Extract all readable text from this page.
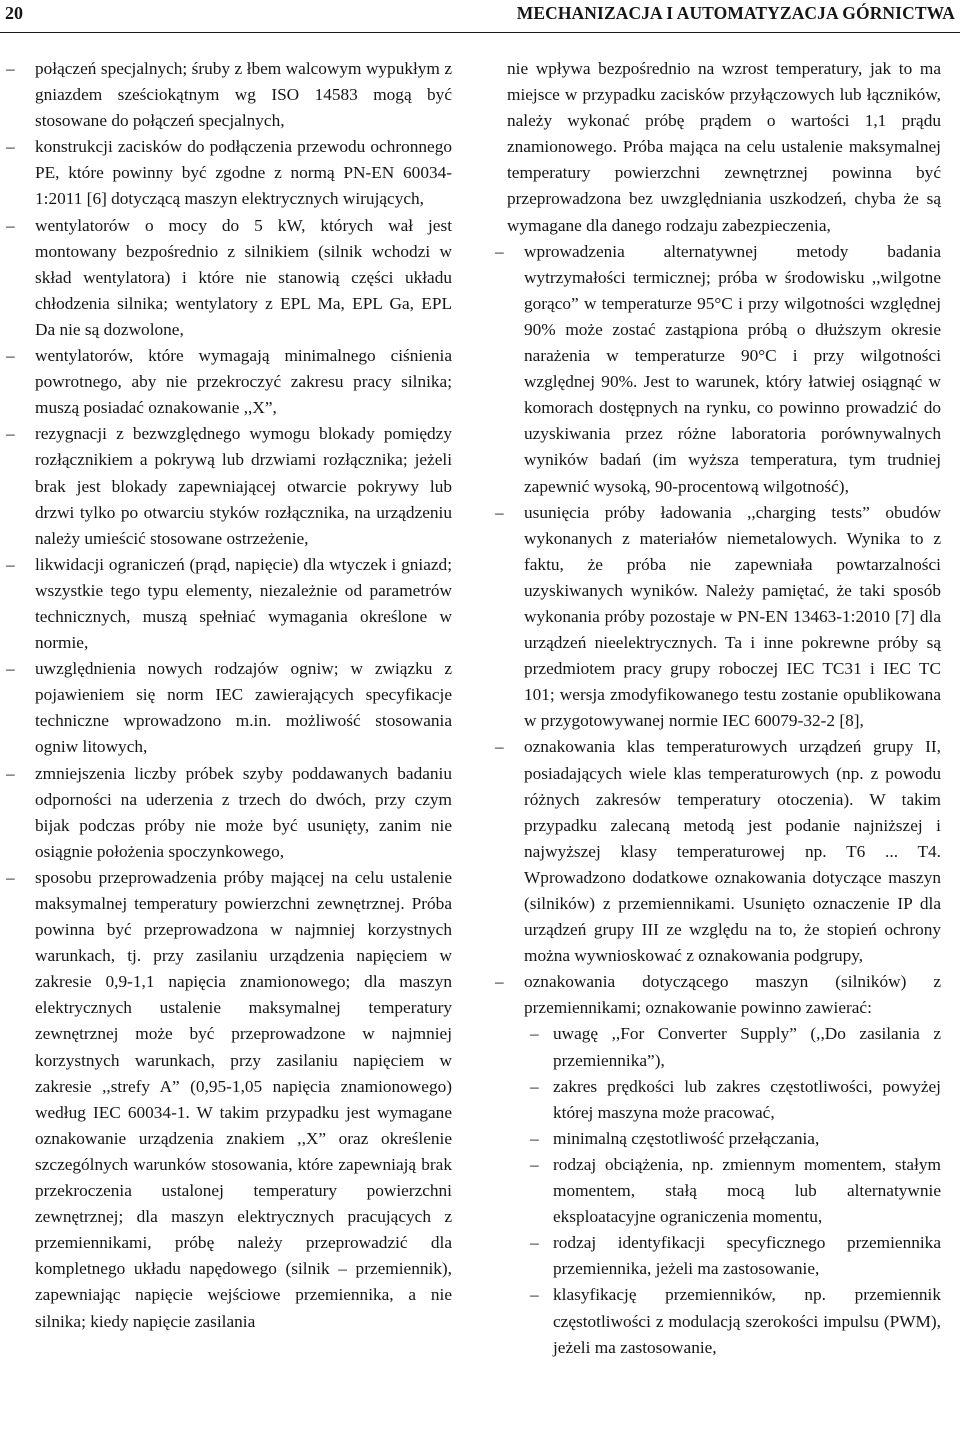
20	MECHANIZACJA I AUTOMATYZACJA GÓRNICTWA

–	połączeń specjalnych; śruby z łbem walcowym wypukłym z gniazdem sześciokątnym wg ISO 14583 mogą być stosowane do połączeń specjalnych,

–	konstrukcji zacisków do podłączenia przewodu ochronnego PE, które powinny być zgodne z normą PN-EN 60034-1:2011 [6] dotyczącą maszyn elektrycznych wirujących,

–	wentylatorów o mocy do 5 kW, których wał jest montowany bezpośrednio z silnikiem (silnik wchodzi w skład wentylatora) i które nie stanowią części układu chłodzenia silnika; wentylatory z EPL Ma, EPL Ga, EPL Da nie są dozwolone,

–	wentylatorów, które wymagają minimalnego ciśnienia powrotnego, aby nie przekroczyć zakresu pracy silnika; muszą posiadać oznakowanie ,,X”,

–	rezygnacji z bezwzględnego wymogu blokady pomiędzy rozłącznikiem a pokrywą lub drzwiami rozłącznika; jeżeli brak jest blokady zapewniającej otwarcie pokrywy lub drzwi tylko po otwarciu styków rozłącznika, na urządzeniu należy umieścić stosowane ostrzeżenie,

–	likwidacji ograniczeń (prąd, napięcie) dla wtyczek i gniazd; wszystkie tego typu elementy, niezależnie od parametrów technicznych, muszą spełniać wymagania określone w normie,

–	uwzględnienia nowych rodzajów ogniw; w związku z pojawieniem się norm IEC zawierających specyfikacje techniczne wprowadzono m.in. możliwość stosowania ogniw litowych,

–	zmniejszenia liczby próbek szyby poddawanych badaniu odporności na uderzenia z trzech do dwóch, przy czym bijak podczas próby nie może być usunięty, zanim nie osiągnie położenia spoczynkowego,

–	sposobu przeprowadzenia próby mającej na celu ustalenie maksymalnej temperatury powierzchni zewnętrznej. Próba powinna być przeprowadzona w najmniej korzystnych warunkach, tj. przy zasilaniu urządzenia napięciem w zakresie 0,9-1,1 napięcia znamionowego; dla maszyn elektrycznych ustalenie maksymalnej temperatury zewnętrznej może być przeprowadzone w najmniej korzystnych warunkach, przy zasilaniu napięciem w zakresie ,,strefy A” (0,95-1,05 napięcia znamionowego) według IEC 60034-1. W takim przypadku jest wymagane oznakowanie urządzenia znakiem ,,X” oraz określenie szczególnych warunków stosowania, które zapewniają brak przekroczenia ustalonej temperatury powierzchni zewnętrznej; dla maszyn elektrycznych pracujących z przemiennikami, próbę należy przeprowadzić dla kompletnego układu napędowego (silnik – przemiennik), zapewniając napięcie wejściowe przemiennika, a nie silnika; kiedy napięcie zasilania

nie wpływa bezpośrednio na wzrost temperatury, jak to ma miejsce w przypadku zacisków przyłączowych lub łączników, należy wykonać próbę prądem o wartości 1,1 prądu znamionowego. Próba mająca na celu ustalenie maksymalnej temperatury powierzchni zewnętrznej powinna być przeprowadzona bez uwzględniania uszkodzeń, chyba że są wymagane dla danego rodzaju zabezpieczenia,

–	wprowadzenia alternatywnej metody badania wytrzymałości termicznej; próba w środowisku ,,wilgotne gorąco” w temperaturze 95°C i przy wilgotności względnej 90% może zostać zastąpiona próbą o dłuższym okresie narażenia w temperaturze 90°C i przy wilgotności względnej 90%. Jest to warunek, który łatwiej osiągnąć w komorach dostępnych na rynku, co powinno prowadzić do uzyskiwania przez różne laboratoria porównywalnych wyników badań (im wyższa temperatura, tym trudniej zapewnić wysoką, 90-procentową wilgotność),

–	usunięcia próby ładowania ,,charging tests” obudów wykonanych z materiałów niemetalowych. Wynika to z faktu, że próba nie zapewniała powtarzalności uzyskiwanych wyników. Należy pamiętać, że taki sposób wykonania próby pozostaje w PN-EN 13463-1:2010 [7] dla urządzeń nieelektrycznych. Ta i inne pokrewne próby są przedmiotem pracy grupy roboczej IEC TC31 i IEC TC 101; wersja zmodyfikowanego testu zostanie opublikowana w przygotowywanej normie IEC 60079-32-2 [8],

–	oznakowania klas temperaturowych urządzeń grupy II, posiadających wiele klas temperaturowych (np. z powodu różnych zakresów temperatury otoczenia). W takim przypadku zalecaną metodą jest podanie najniższej i najwyższej klasy temperaturowej np. T6 ... T4. Wprowadzono dodatkowe oznakowania dotyczące maszyn (silników) z przemiennikami. Usunięto oznaczenie IP dla urządzeń grupy III ze względu na to, że stopień ochrony można wywnioskować z oznakowania podgrupy,

–	oznakowania dotyczącego maszyn (silników) z przemiennikami; oznakowanie powinno zawierać:

– uwagę ,,For Converter Supply” (,,Do zasilania z przemiennika”),

– zakres prędkości lub zakres częstotliwości, powyżej której maszyna może pracować,

– minimalną częstotliwość przełączania,

– rodzaj obciążenia, np. zmiennym momentem, stałym momentem, stałą mocą lub alternatywnie eksploatacyjne ograniczenia momentu,

– rodzaj identyfikacji specyficznego przemiennika przemiennika, jeżeli ma zastosowanie,

– klasyfikację przemienników, np. przemiennik częstotliwości z modulacją szerokości impulsu (PWM), jeżeli ma zastosowanie,
